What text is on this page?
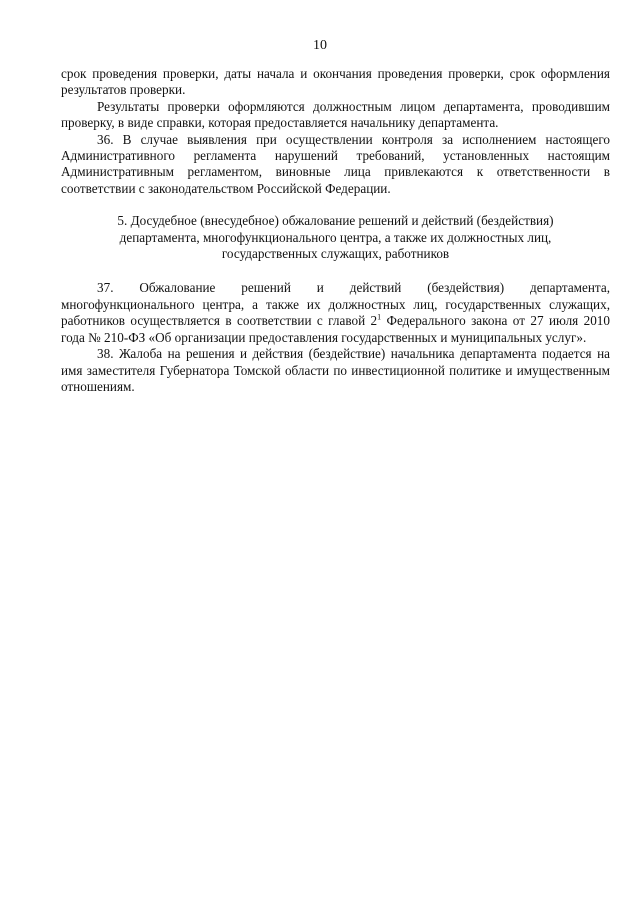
10

срок проведения проверки, даты начала и окончания проведения проверки, срок оформления результатов проверки.

Результаты проверки оформляются должностным лицом департамента, проводившим проверку, в виде справки, которая предоставляется начальнику департамента.

36. В случае выявления при осуществлении контроля за исполнением настоящего Административного регламента нарушений требований, установленных настоящим Административным регламентом, виновные лица привлекаются к ответственности в соответствии с законодательством Российской Федерации.

5. Досудебное (внесудебное) обжалование решений и действий (бездействия)
департамента, многофункционального центра, а также их должностных лиц,
государственных служащих, работников

37. Обжалование решений и действий (бездействия) департамента, многофункционального центра, а также их должностных лиц, государственных служащих, работников осуществляется в соответствии с главой $2^1$ Федерального закона от 27 июля 2010 года № 210-ФЗ «Об организации предоставления государственных и муниципальных услуг».

38. Жалоба на решения и действия (бездействие) начальника департамента подается на имя заместителя Губернатора Томской области по инвестиционной политике и имущественным отношениям.
